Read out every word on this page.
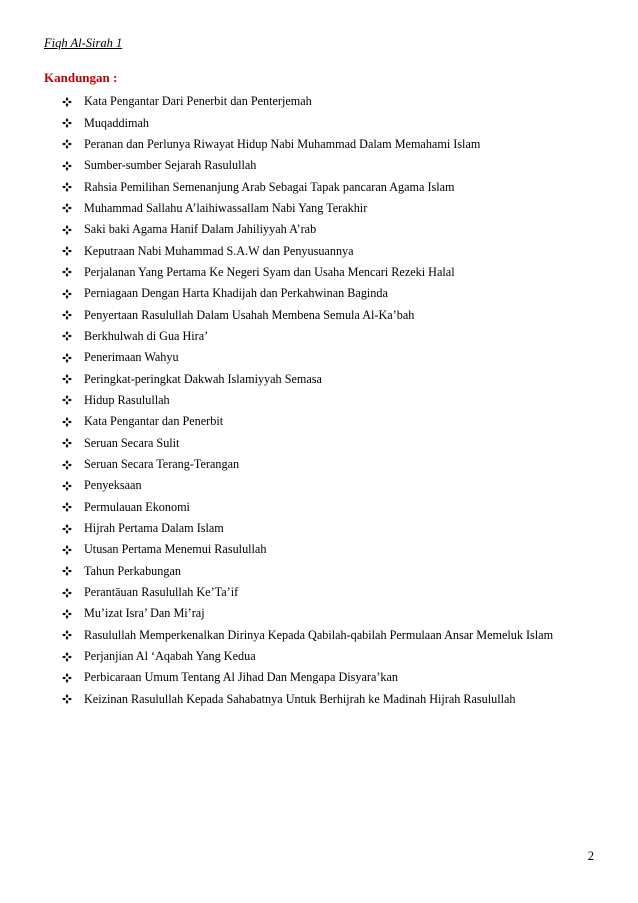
Fiqh Al-Sirah 1
Kandungan :
Kata Pengantar Dari Penerbit dan Penterjemah
Muqaddimah
Peranan dan Perlunya Riwayat Hidup Nabi Muhammad Dalam Memahami Islam
Sumber-sumber Sejarah Rasulullah
Rahsia Pemilihan Semenanjung Arab Sebagai Tapak pancaran Agama Islam
Muhammad Sallahu A’laihiwassallam Nabi Yang Terakhir
Saki baki Agama Hanif Dalam Jahiliyyah A’rab
Keputraan Nabi Muhammad S.A.W dan Penyusuannya
Perjalanan Yang Pertama Ke Negeri Syam dan Usaha Mencari Rezeki Halal
Perniagaan Dengan Harta Khadijah dan Perkahwinan Baginda
Penyertaan Rasulullah Dalam Usahah Membena Semula Al-Ka’bah
Berkhulwah di Gua Hira’
Penerimaan Wahyu
Peringkat-peringkat Dakwah Islamiyyah Semasa
Hidup Rasulullah
Kata Pengantar dan Penerbit
Seruan Secara Sulit
Seruan Secara Terang-Terangan
Penyeksaan
Permulauan Ekonomi
Hijrah Pertama Dalam Islam
Utusan Pertama Menemui Rasulullah
Tahun Perkabungan
Perantāuan Rasulullah Ke’Ta’if
Mu’izat Isra’ Dan Mi’raj
Rasulullah Memperkenalkan Dirinya Kepada Qabilah-qabilah Permulaan Ansar Memeluk Islam
Perjanjian Al ‘Aqabah Yang Kedua
Perbicaraan Umum Tentang Al Jihad Dan Mengapa Disyara’kan
Keizinan Rasulullah Kepada Sahabatnya Untuk Berhijrah ke Madinah Hijrah Rasulullah
2
